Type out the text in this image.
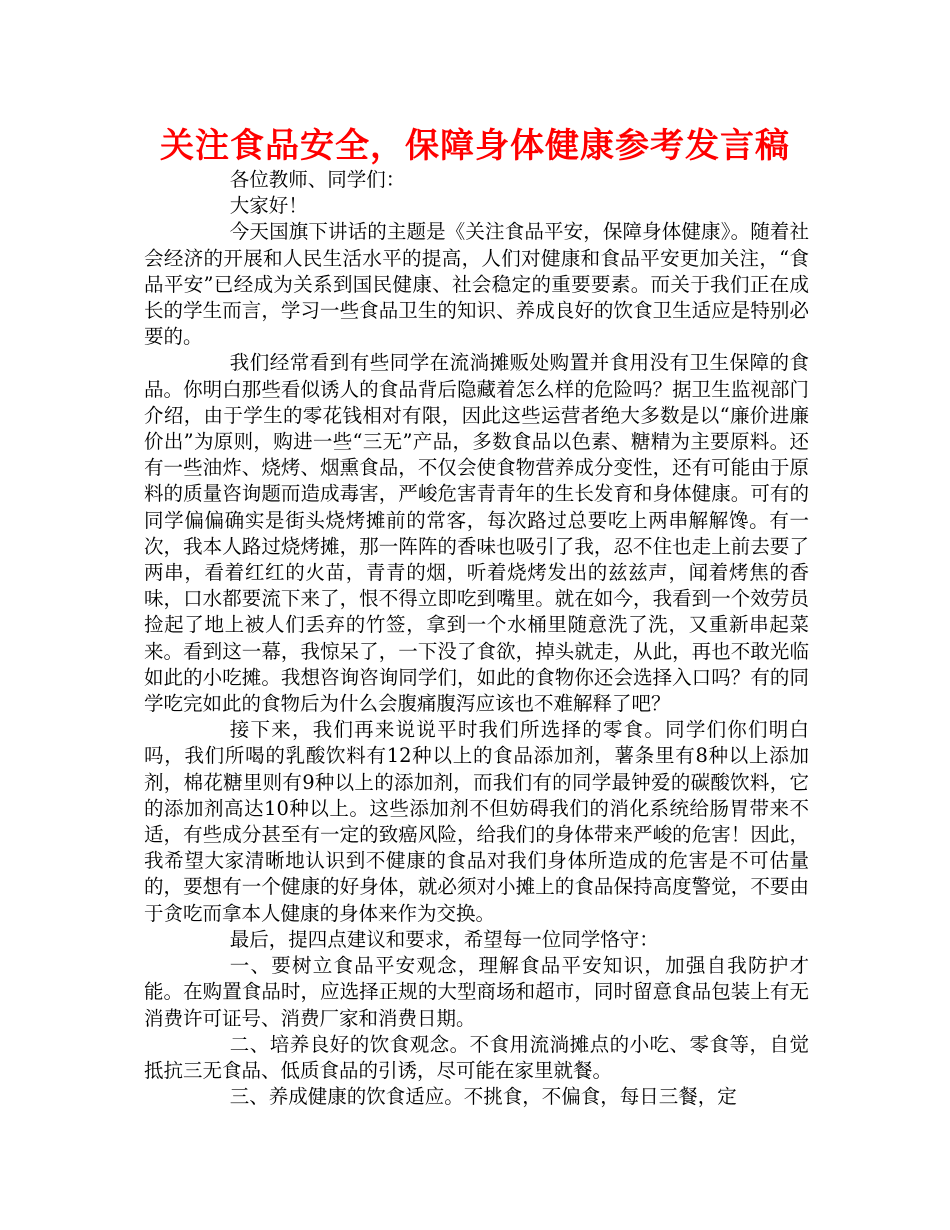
关注食品安全，保障身体健康参考发言稿

各位教师、同学们：

大家好！

今天国旗下讲话的主题是《关注食品平安，保障身体健康》。随着社会经济的开展和人民生活水平的提高，人们对健康和食品平安更加关注，“食品平安”已经成为关系到国民健康、社会稳定的重要要素。而关于我们正在成长的学生而言，学习一些食品卫生的知识、养成良好的饮食卫生适应是特别必要的。

我们经常看到有些同学在流淌摊贩处购置并食用没有卫生保障的食品。你明白那些看似诱人的食品背后隐藏着怎么样的危险吗？据卫生监视部门介绍，由于学生的零花钱相对有限，因此这些运营者绝大多数是以“廉价进廉价出”为原则，购进一些“三无”产品，多数食品以色素、糖精为主要原料。还有一些油炸、烧烤、烟熏食品，不仅会使食物营养成分变性，还有可能由于原料的质量咨询题而造成毒害，严峻危害青青年的生长发育和身体健康。可有的同学偏偏确实是街头烧烤摊前的常客，每次路过总要吃上两串解解馋。有一次，我本人路过烧烤摊，那一阵阵的香味也吸引了我，忍不住也走上前去要了两串，看着红红的火苗，青青的烟，听着烧烤发出的兹兹声，闻着烤焦的香味，口水都要流下来了，恨不得立即吃到嘴里。就在如今，我看到一个效劳员捡起了地上被人们丢弃的竹签，拿到一个水桶里随意洗了洗，又重新串起菜来。看到这一幕，我惊呆了，一下没了食欲，掉头就走，从此，再也不敢光临如此的小吃摊。我想咨询咨询同学们，如此的食物你还会选择入口吗？有的同学吃完如此的食物后为什么会腹痛腹泻应该也不难解释了吧？

接下来，我们再来说说平时我们所选择的零食。同学们你们明白吗，我们所喝的乳酸饮料有12种以上的食品添加剂，薯条里有8种以上添加剂，棉花糖里则有9种以上的添加剂，而我们有的同学最钟爱的碳酸饮料，它的添加剂高达10种以上。这些添加剂不但妨碍我们的消化系统给肠胃带来不适，有些成分甚至有一定的致癌风险，给我们的身体带来严峻的危害！因此，我希望大家清晰地认识到不健康的食品对我们身体所造成的危害是不可估量的，要想有一个健康的好身体，就必须对小摊上的食品保持高度警觉，不要由于贪吃而拿本人健康的身体来作为交换。

最后，提四点建议和要求，希望每一位同学恪守：

一、要树立食品平安观念，理解食品平安知识，加强自我防护才能。在购置食品时，应选择正规的大型商场和超市，同时留意食品包装上有无消费许可证号、消费厂家和消费日期。

二、培养良好的饮食观念。不食用流淌摊点的小吃、零食等，自觉抵抗三无食品、低质食品的引诱，尽可能在家里就餐。

三、养成健康的饮食适应。不挑食，不偏食，每日三餐，定
